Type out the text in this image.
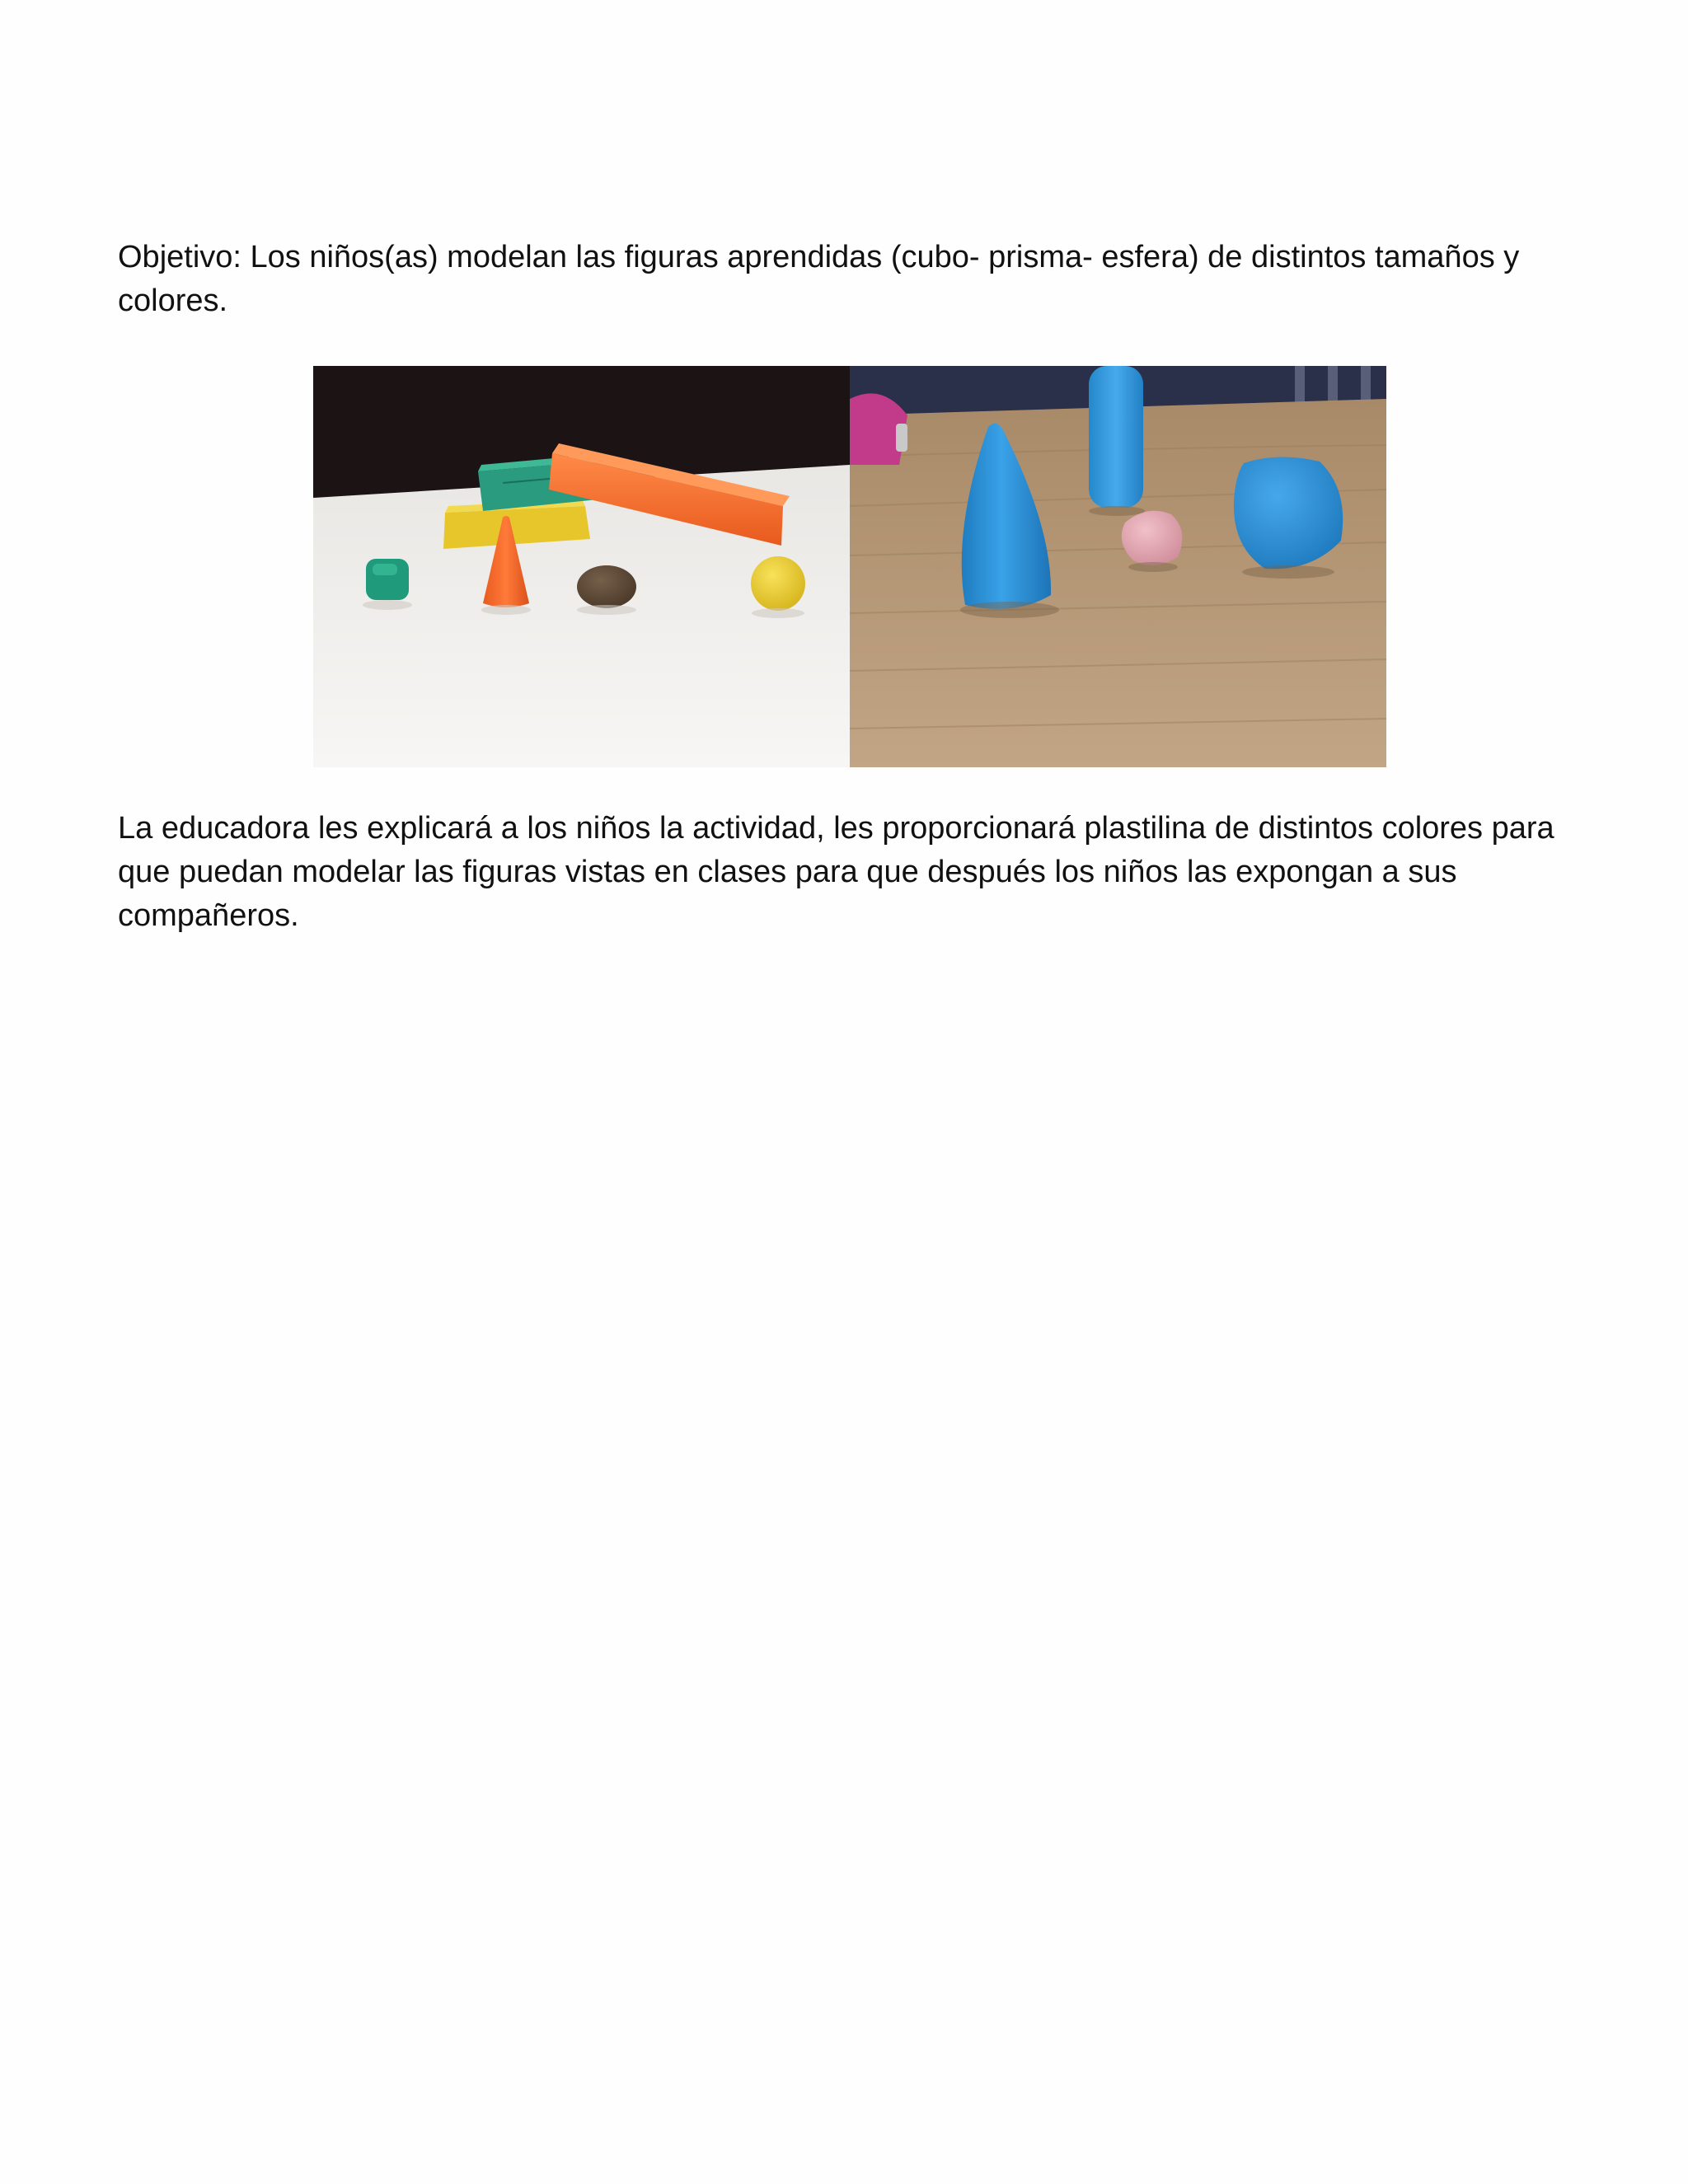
Objetivo: Los niños(as) modelan las figuras aprendidas (cubo- prisma- esfera) de distintos tamaños y colores.

La educadora les explicará a los niños la actividad, les proporcionará plastilina de distintos colores para que puedan modelar las figuras vistas en clases para que después los niños las expongan a sus compañeros.
